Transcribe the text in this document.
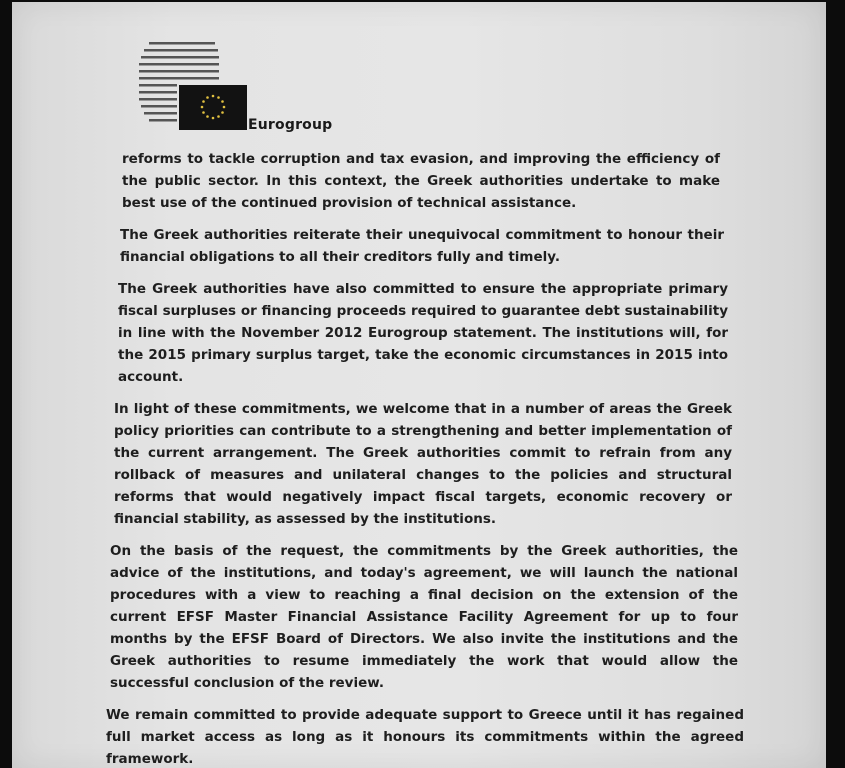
Eurogroup

reforms to tackle corruption and tax evasion, and improving the efficiency of the public sector. In this context, the Greek authorities undertake to make best use of the continued provision of technical assistance.

The Greek authorities reiterate their unequivocal commitment to honour their financial obligations to all their creditors fully and timely.

The Greek authorities have also committed to ensure the appropriate primary fiscal surpluses or financing proceeds required to guarantee debt sustainability in line with the November 2012 Eurogroup statement. The institutions will, for the 2015 primary surplus target, take the economic circumstances in 2015 into account.

In light of these commitments, we welcome that in a number of areas the Greek policy priorities can contribute to a strengthening and better implementation of the current arrangement. The Greek authorities commit to refrain from any rollback of measures and unilateral changes to the policies and structural reforms that would negatively impact fiscal targets, economic recovery or financial stability, as assessed by the institutions.

On the basis of the request, the commitments by the Greek authorities, the advice of the institutions, and today's agreement, we will launch the national procedures with a view to reaching a final decision on the extension of the current EFSF Master Financial Assistance Facility Agreement for up to four months by the EFSF Board of Directors. We also invite the institutions and the Greek authorities to resume immediately the work that would allow the successful conclusion of the review.

We remain committed to provide adequate support to Greece until it has regained full market access as long as it honours its commitments within the agreed framework.
